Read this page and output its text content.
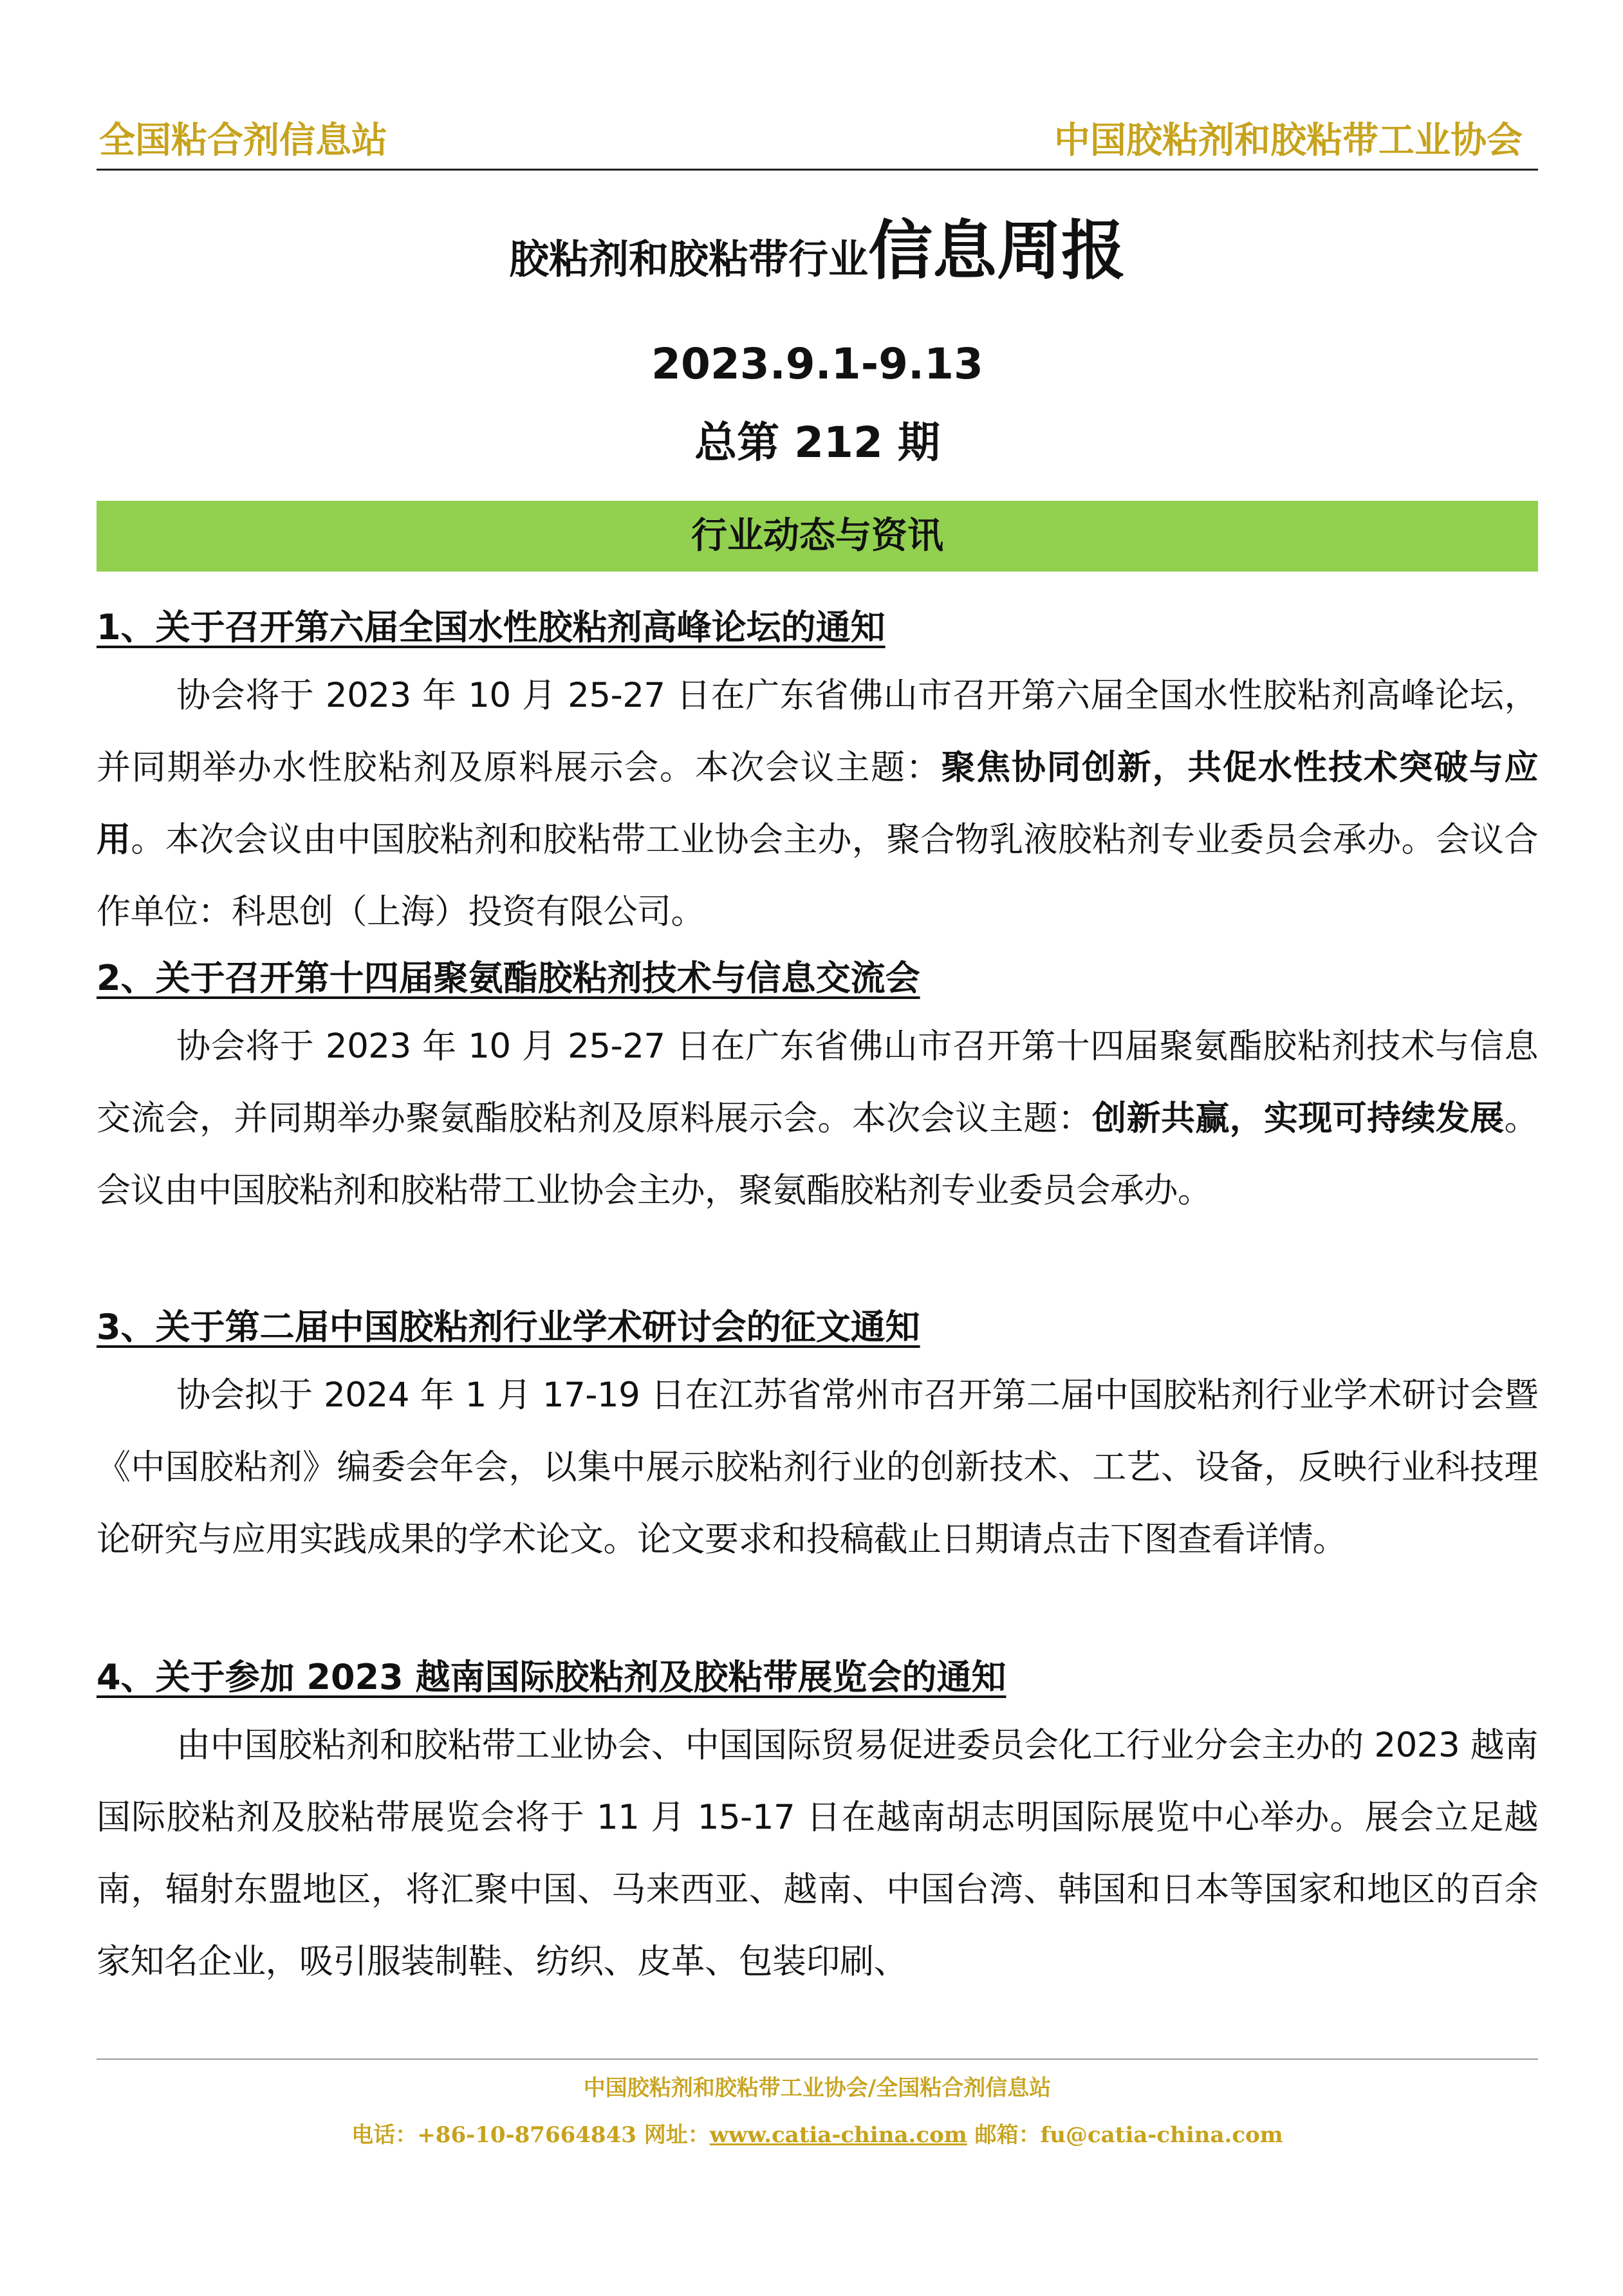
全国粘合剂信息站	中国胶粘剂和胶粘带工业协会
胶粘剂和胶粘带行业信息周报
2023.9.1-9.13
总第 212 期
行业动态与资讯
1、关于召开第六届全国水性胶粘剂高峰论坛的通知

协会将于 2023 年 10 月 25-27 日在广东省佛山市召开第六届全国水性胶粘剂高峰论坛，并同期举办水性胶粘剂及原料展示会。本次会议主题：聚焦协同创新，共促水性技术突破与应用。本次会议由中国胶粘剂和胶粘带工业协会主办，聚合物乳液胶粘剂专业委员会承办。会议合作单位：科思创（上海）投资有限公司。

2、关于召开第十四届聚氨酯胶粘剂技术与信息交流会

协会将于 2023 年 10 月 25-27 日在广东省佛山市召开第十四届聚氨酯胶粘剂技术与信息交流会，并同期举办聚氨酯胶粘剂及原料展示会。本次会议主题：创新共赢，实现可持续发展。会议由中国胶粘剂和胶粘带工业协会主办，聚氨酯胶粘剂专业委员会承办。

3、关于第二届中国胶粘剂行业学术研讨会的征文通知

协会拟于 2024 年 1 月 17-19 日在江苏省常州市召开第二届中国胶粘剂行业学术研讨会暨《中国胶粘剂》编委会年会，以集中展示胶粘剂行业的创新技术、工艺、设备，反映行业科技理论研究与应用实践成果的学术论文。论文要求和投稿截止日期请点击下图查看详情。

4、关于参加 2023 越南国际胶粘剂及胶粘带展览会的通知

由中国胶粘剂和胶粘带工业协会、中国国际贸易促进委员会化工行业分会主办的 2023 越南国际胶粘剂及胶粘带展览会将于 11 月 15-17 日在越南胡志明国际展览中心举办。展会立足越南，辐射东盟地区，将汇聚中国、马来西亚、越南、中国台湾、韩国和日本等国家和地区的百余家知名企业，吸引服装制鞋、纺织、皮革、包装印刷、

中国胶粘剂和胶粘带工业协会/全国粘合剂信息站
电话：+86-10-87664843 网址：www.catia-china.com 邮箱：fu@catia-china.com
